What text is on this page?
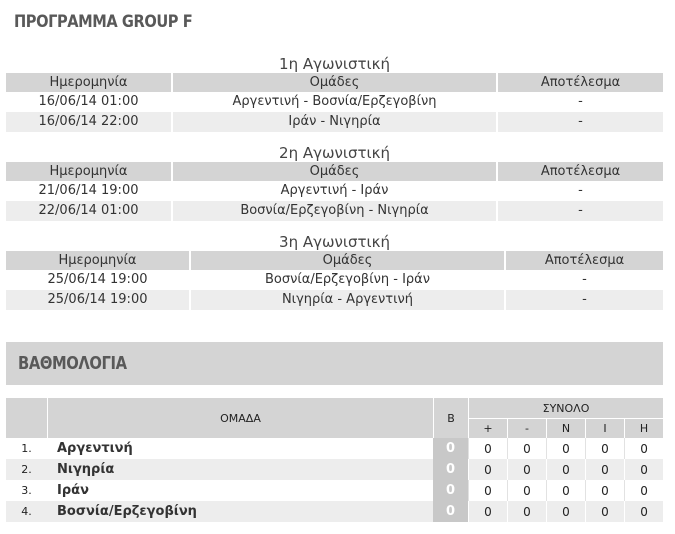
ΠΡΟΓΡΑΜΜΑ GROUP F
1η Αγωνιστική
Ημερομηνία	Ομάδες	Αποτέλεσμα
16/06/14 01:00	Αργεντινή - Βοσνία/Ερζεγοβίνη	-
16/06/14 22:00	Ιράν - Νιγηρία	-
2η Αγωνιστική
Ημερομηνία	Ομάδες	Αποτέλεσμα
21/06/14 19:00	Αργεντινή - Ιράν	-
22/06/14 01:00	Βοσνία/Ερζεγοβίνη - Νιγηρία	-
3η Αγωνιστική
Ημερομηνία	Ομάδες	Αποτέλεσμα
25/06/14 19:00	Βοσνία/Ερζεγοβίνη - Ιράν	-
25/06/14 19:00	Νιγηρία - Αργεντινή	-
ΒΑΘΜΟΛΟΓΙΑ
	ΟΜΑΔΑ	Β	ΣΥΝΟΛΟ				
			+	-	Ν	Ι	Η
1.	Αργεντινή	0	0	0	0	0	0
2.	Νιγηρία	0	0	0	0	0	0
3.	Ιράν	0	0	0	0	0	0
4.	Βοσνία/Ερζεγοβίνη	0	0	0	0	0	0
